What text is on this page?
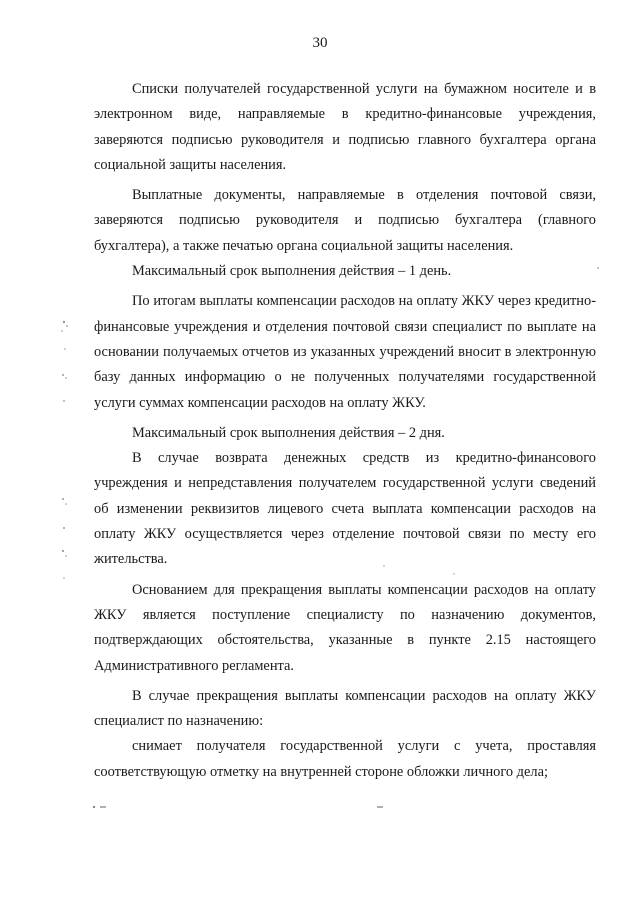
30

Списки получателей государственной услуги на бумажном носителе и в электронном виде, направляемые в кредитно-финансовые учреждения, заверяются подписью руководителя и подписью главного бухгалтера органа социальной защиты населения.

Выплатные документы, направляемые в отделения почтовой связи, заверяются подписью руководителя и подписью бухгалтера (главного бухгалтера), а также печатью органа социальной защиты населения.

Максимальный срок выполнения действия – 1 день.

По итогам выплаты компенсации расходов на оплату ЖКУ через кредитно-финансовые учреждения и отделения почтовой связи специалист по выплате на основании получаемых отчетов из указанных учреждений вносит в электронную базу данных информацию о не полученных получателями государственной услуги суммах компенсации расходов на оплату ЖКУ.

Максимальный срок выполнения действия – 2 дня.

В случае возврата денежных средств из кредитно-финансового учреждения и непредставления получателем государственной услуги сведений об изменении реквизитов лицевого счета выплата компенсации расходов на оплату ЖКУ осуществляется через отделение почтовой связи по месту его жительства.

Основанием для прекращения выплаты компенсации расходов на оплату ЖКУ является поступление специалисту по назначению документов, подтверждающих обстоятельства, указанные в пункте 2.15 настоящего Административного регламента.

В случае прекращения выплаты компенсации расходов на оплату ЖКУ специалист по назначению:

снимает получателя государственной услуги с учета, проставляя соответствующую отметку на внутренней стороне обложки личного дела;
